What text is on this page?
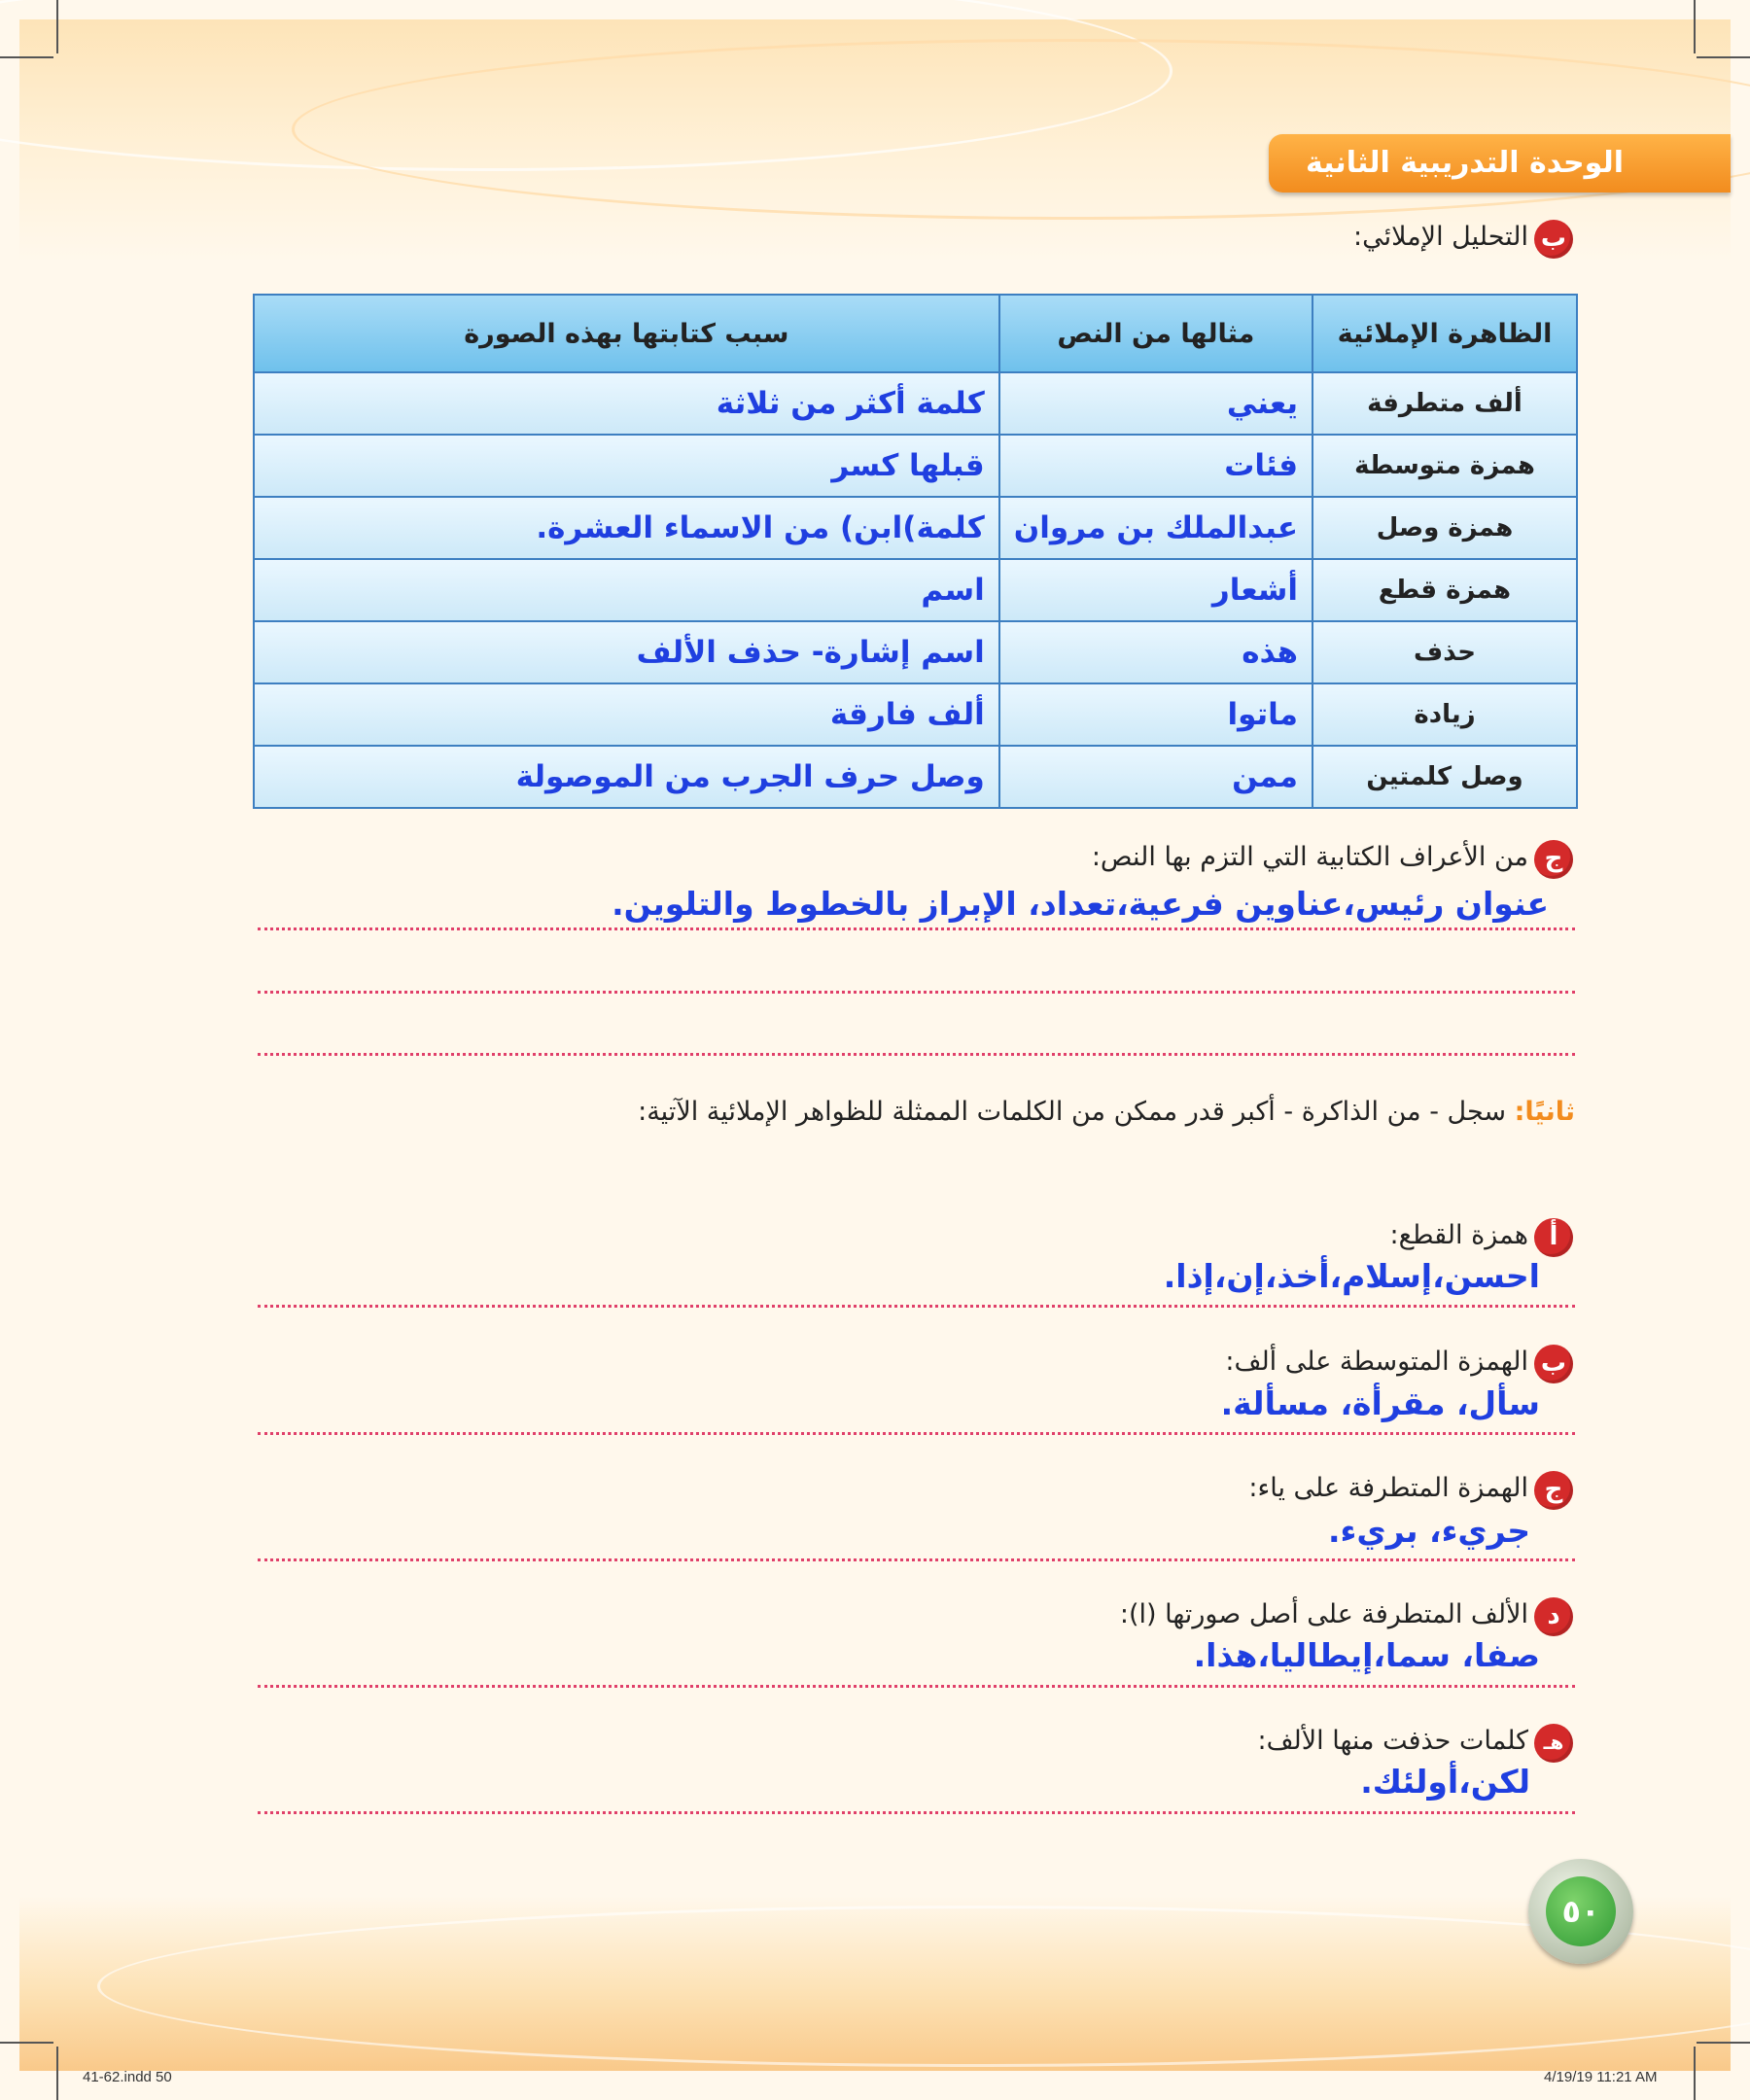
الوحدة التدريبية الثانية
ب
التحليل الإملائي:
الظاهرة الإملائية	مثالها من النص	سبب كتابتها بهذه الصورة
ألف متطرفة	يعني	كلمة أكثر من ثلاثة
همزة متوسطة	فئات	قبلها كسر
همزة وصل	عبدالملك بن مروان	كلمة)ابن) من الاسماء العشرة.
همزة قطع	أشعار	اسم
حذف	هذه	اسم إشارة- حذف الألف
زيادة	ماتوا	ألف فارقة
وصل كلمتين	ممن	وصل حرف الجرب من الموصولة
ج
من الأعراف الكتابية التي التزم بها النص:
عنوان رئيس،عناوين فرعية،تعداد، الإبراز بالخطوط والتلوين.
ثانيًا: سجل - من الذاكرة - أكبر قدر ممكن من الكلمات الممثلة للظواهر الإملائية الآتية:
أ
همزة القطع:
احسن،إسلام،أخذ،إن،إذا.
ب
الهمزة المتوسطة على ألف:
سأل، مقرأة، مسألة.
ج
الهمزة المتطرفة على ياء:
جريء، بريء.
د
الألف المتطرفة على أصل صورتها (ا):
صفا، سما،إيطاليا،هذا.
هـ
كلمات حذفت منها الألف:
لكن،أولئك.
٥٠
41-62.indd 50	4/19/19 11:21 AM
